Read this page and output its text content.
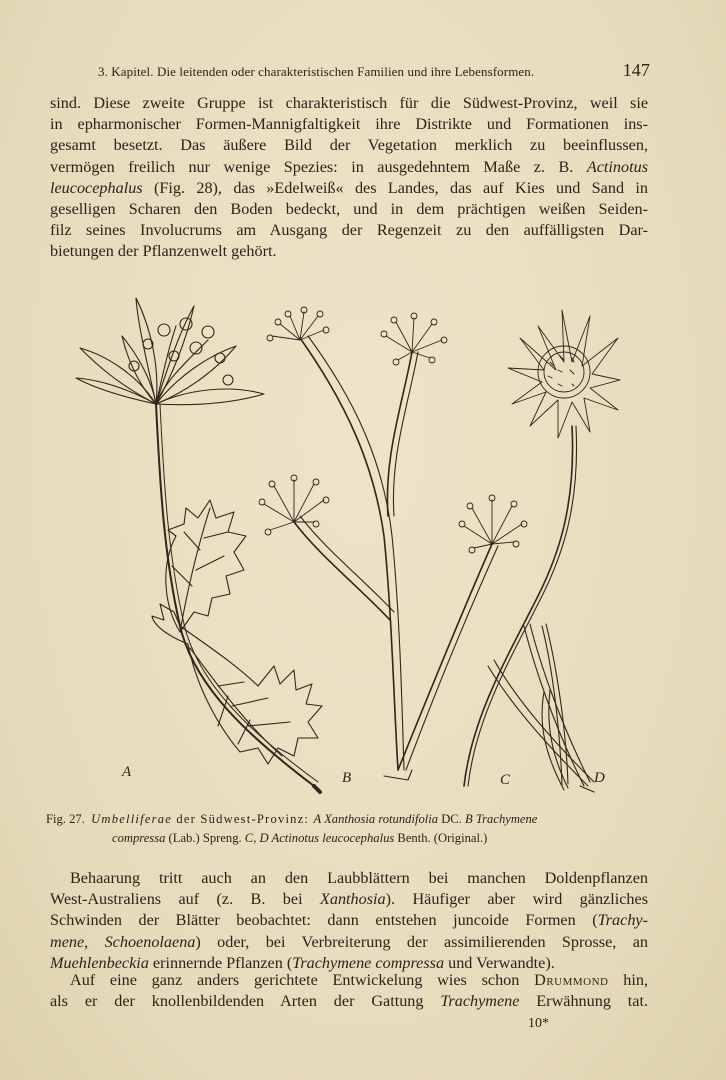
3. Kapitel. Die leitenden oder charakteristischen Familien und ihre Lebensformen.	147
sind. Diese zweite Gruppe ist charakteristisch für die Südwest-Provinz, weil sie
in epharmonischer Formen-Mannigfaltigkeit ihre Distrikte und Formationen ins-
gesamt besetzt. Das äußere Bild der Vegetation merklich zu beeinflussen,
vermögen freilich nur wenige Spezies: in ausgedehntem Maße z. B. Actinotus
leucocephalus (Fig. 28), das »Edelweiß« des Landes, das auf Kies und Sand in
geselligen Scharen den Boden bedeckt, und in dem prächtigen weißen Seiden-
filz seines Involucrums am Ausgang der Regenzeit zu den auffälligsten Dar-
bietungen der Pflanzenwelt gehört.
A	B	C	D
Fig. 27. Umbelliferae der Südwest-Provinz: A Xanthosia rotundifolia DC. B Trachymene
compressa (Lab.) Spreng. C, D Actinotus leucocephalus Benth. (Original.)
Behaarung tritt auch an den Laubblättern bei manchen Doldenpflanzen
West-Australiens auf (z. B. bei Xanthosia). Häufiger aber wird gänzliches
Schwinden der Blätter beobachtet: dann entstehen juncoide Formen (Trachy-
mene, Schoenolaena) oder, bei Verbreiterung der assimilierenden Sprosse, an
Muehlenbeckia erinnernde Pflanzen (Trachymene compressa und Verwandte).
Auf eine ganz anders gerichtete Entwickelung wies schon Drummond hin,
als er der knollenbildenden Arten der Gattung Trachymene Erwähnung tat.
10*
